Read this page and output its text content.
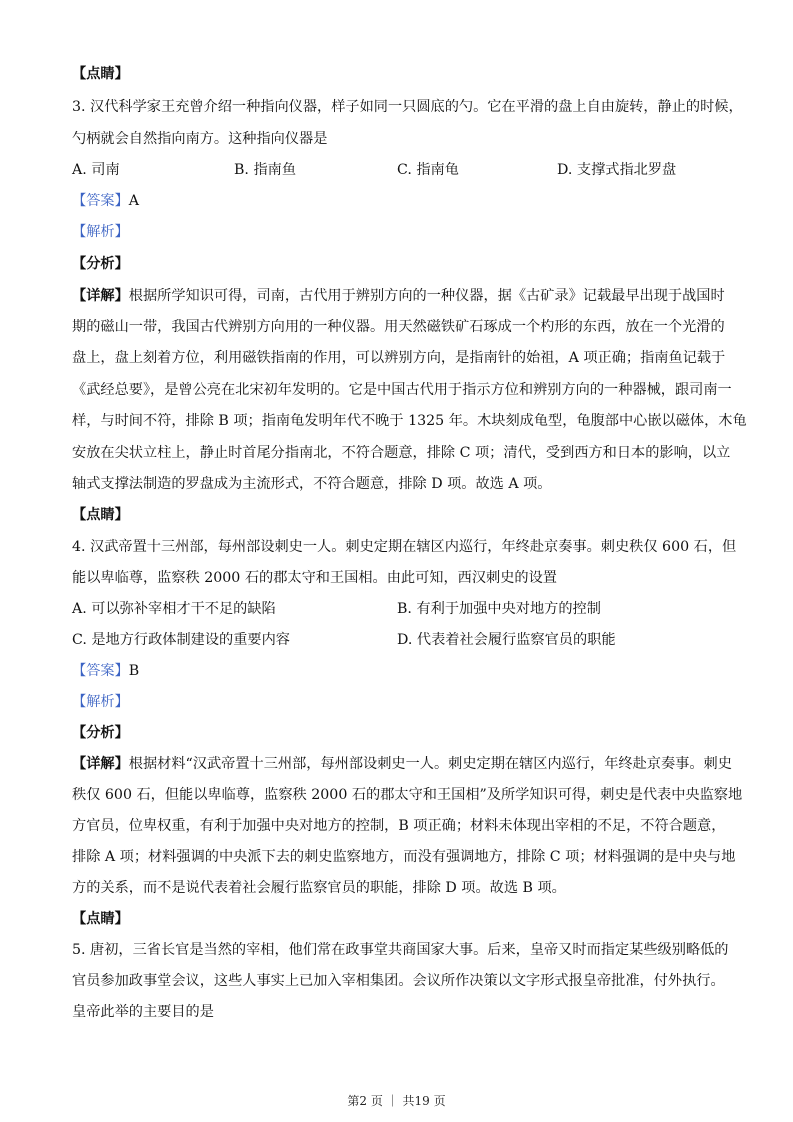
【点睛】
3. 汉代科学家王充曾介绍一种指向仪器，样子如同一只圆底的勺。它在平滑的盘上自由旋转，静止的时候，
勺柄就会自然指向南方。这种指向仪器是
A. 司南	B. 指南鱼	C. 指南龟	D. 支撑式指北罗盘
【答案】A
【解析】
【分析】
【详解】根据所学知识可得，司南，古代用于辨别方向的一种仪器，据《古矿录》记载最早出现于战国时
期的磁山一带，我国古代辨别方向用的一种仪器。用天然磁铁矿石琢成一个杓形的东西，放在一个光滑的
盘上，盘上刻着方位，利用磁铁指南的作用，可以辨别方向，是指南针的始祖，A 项正确；指南鱼记载于
《武经总要》，是曾公亮在北宋初年发明的。它是中国古代用于指示方位和辨别方向的一种器械，跟司南一
样，与时间不符，排除 B 项；指南龟发明年代不晚于 1325 年。木块刻成龟型，龟腹部中心嵌以磁体，木龟
安放在尖状立柱上，静止时首尾分指南北，不符合题意，排除 C 项；清代，受到西方和日本的影响，以立
轴式支撑法制造的罗盘成为主流形式，不符合题意，排除 D 项。故选 A 项。
【点睛】
4. 汉武帝置十三州部，每州部设刺史一人。刺史定期在辖区内巡行，年终赴京奏事。刺史秩仅 600 石，但
能以卑临尊，监察秩 2000 石的郡太守和王国相。由此可知，西汉刺史的设置
A. 可以弥补宰相才干不足的缺陷	B. 有利于加强中央对地方的控制
C. 是地方行政体制建设的重要内容	D. 代表着社会履行监察官员的职能
【答案】B
【解析】
【分析】
【详解】根据材料“汉武帝置十三州部，每州部设刺史一人。刺史定期在辖区内巡行，年终赴京奏事。刺史
秩仅 600 石，但能以卑临尊，监察秩 2000 石的郡太守和王国相”及所学知识可得，刺史是代表中央监察地
方官员，位卑权重，有利于加强中央对地方的控制，B 项正确；材料未体现出宰相的不足，不符合题意，
排除 A 项；材料强调的中央派下去的刺史监察地方，而没有强调地方，排除 C 项；材料强调的是中央与地
方的关系，而不是说代表着社会履行监察官员的职能，排除 D 项。故选 B 项。
【点睛】
5. 唐初，三省长官是当然的宰相，他们常在政事堂共商国家大事。后来，皇帝又时而指定某些级别略低的
官员参加政事堂会议，这些人事实上已加入宰相集团。会议所作决策以文字形式报皇帝批准，付外执行。
皇帝此举的主要目的是
第2 页 ｜ 共19 页
